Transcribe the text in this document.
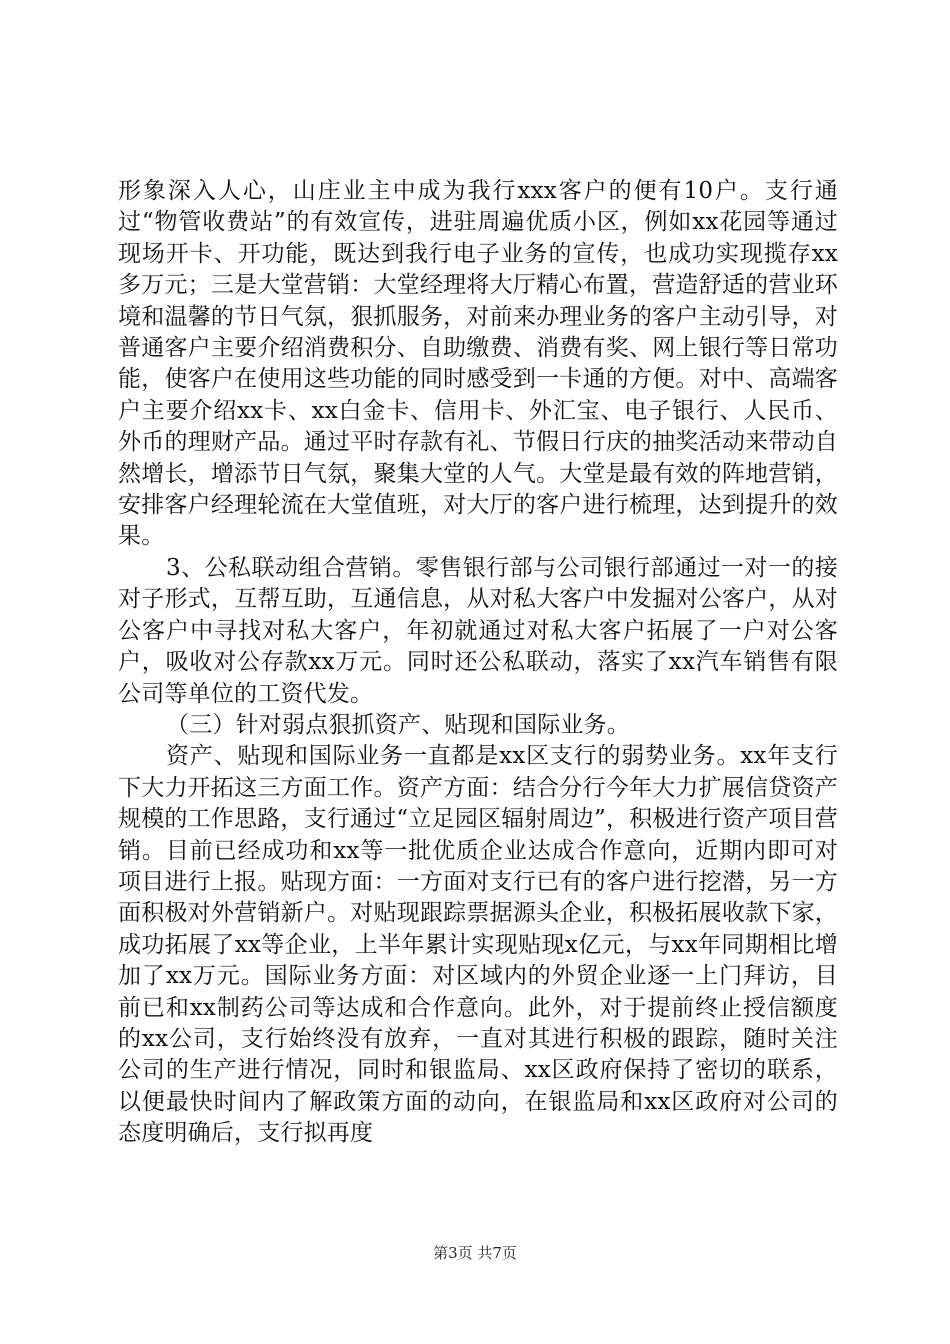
形象深入人心，山庄业主中成为我行xxx客户的便有10户。支行通过“物管收费站”的有效宣传，进驻周遍优质小区，例如xx花园等通过现场开卡、开功能，既达到我行电子业务的宣传，也成功实现揽存xx多万元；三是大堂营销：大堂经理将大厅精心布置，营造舒适的营业环境和温馨的节日气氛，狠抓服务，对前来办理业务的客户主动引导，对普通客户主要介绍消费积分、自助缴费、消费有奖、网上银行等日常功能，使客户在使用这些功能的同时感受到一卡通的方便。对中、高端客户主要介绍xx卡、xx白金卡、信用卡、外汇宝、电子银行、人民币、外币的理财产品。通过平时存款有礼、节假日行庆的抽奖活动来带动自然增长，增添节日气氛，聚集大堂的人气。大堂是最有效的阵地营销，安排客户经理轮流在大堂值班，对大厅的客户进行梳理，达到提升的效果。

3、公私联动组合营销。零售银行部与公司银行部通过一对一的接对子形式，互帮互助，互通信息，从对私大客户中发掘对公客户，从对公客户中寻找对私大客户，年初就通过对私大客户拓展了一户对公客户，吸收对公存款xx万元。同时还公私联动，落实了xx汽车销售有限公司等单位的工资代发。

（三）针对弱点狠抓资产、贴现和国际业务。

资产、贴现和国际业务一直都是xx区支行的弱势业务。xx年支行下大力开拓这三方面工作。资产方面：结合分行今年大力扩展信贷资产规模的工作思路，支行通过“立足园区辐射周边”，积极进行资产项目营销。目前已经成功和xx等一批优质企业达成合作意向，近期内即可对项目进行上报。贴现方面：一方面对支行已有的客户进行挖潜，另一方面积极对外营销新户。对贴现跟踪票据源头企业，积极拓展收款下家，成功拓展了xx等企业，上半年累计实现贴现x亿元，与xx年同期相比增加了xx万元。国际业务方面：对区域内的外贸企业逐一上门拜访，目前已和xx制药公司等达成和合作意向。此外，对于提前终止授信额度的xx公司，支行始终没有放弃，一直对其进行积极的跟踪，随时关注公司的生产进行情况，同时和银监局、xx区政府保持了密切的联系，以便最快时间内了解政策方面的动向，在银监局和xx区政府对公司的态度明确后，支行拟再度

第3页 共7页
